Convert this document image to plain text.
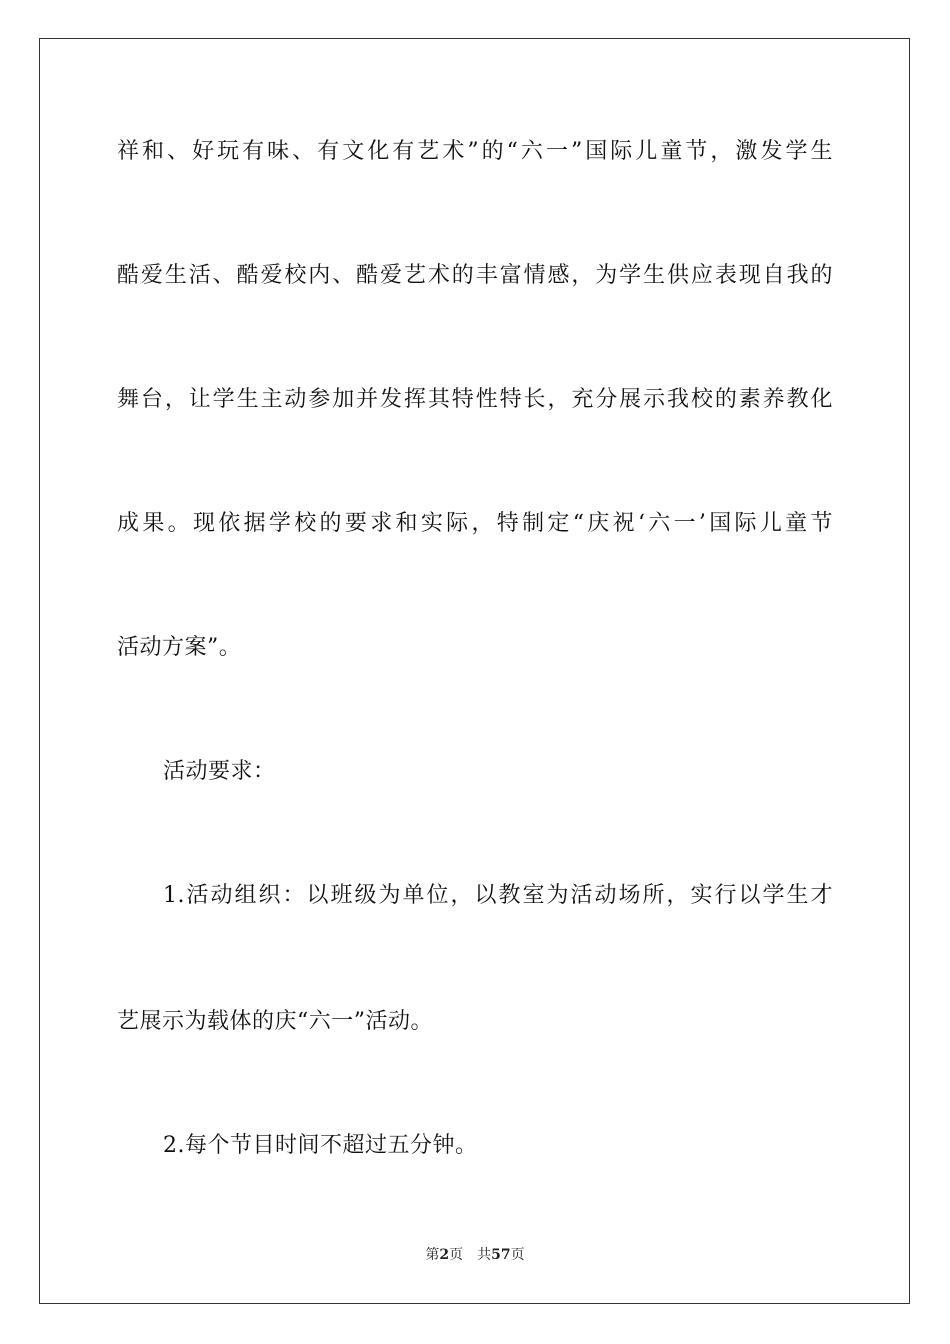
祥和、好玩有味、有文化有艺术”的“六一”国际儿童节，激发学生
酷爱生活、酷爱校内、酷爱艺术的丰富情感，为学生供应表现自我的
舞台，让学生主动参加并发挥其特性特长，充分展示我校的素养教化
成果。现依据学校的要求和实际，特制定“庆祝‘六一’国际儿童节
活动方案”。
活动要求：
1.活动组织：以班级为单位，以教室为活动场所，实行以学生才
艺展示为载体的庆“六一”活动。
2.每个节目时间不超过五分钟。
第2页 共57页
